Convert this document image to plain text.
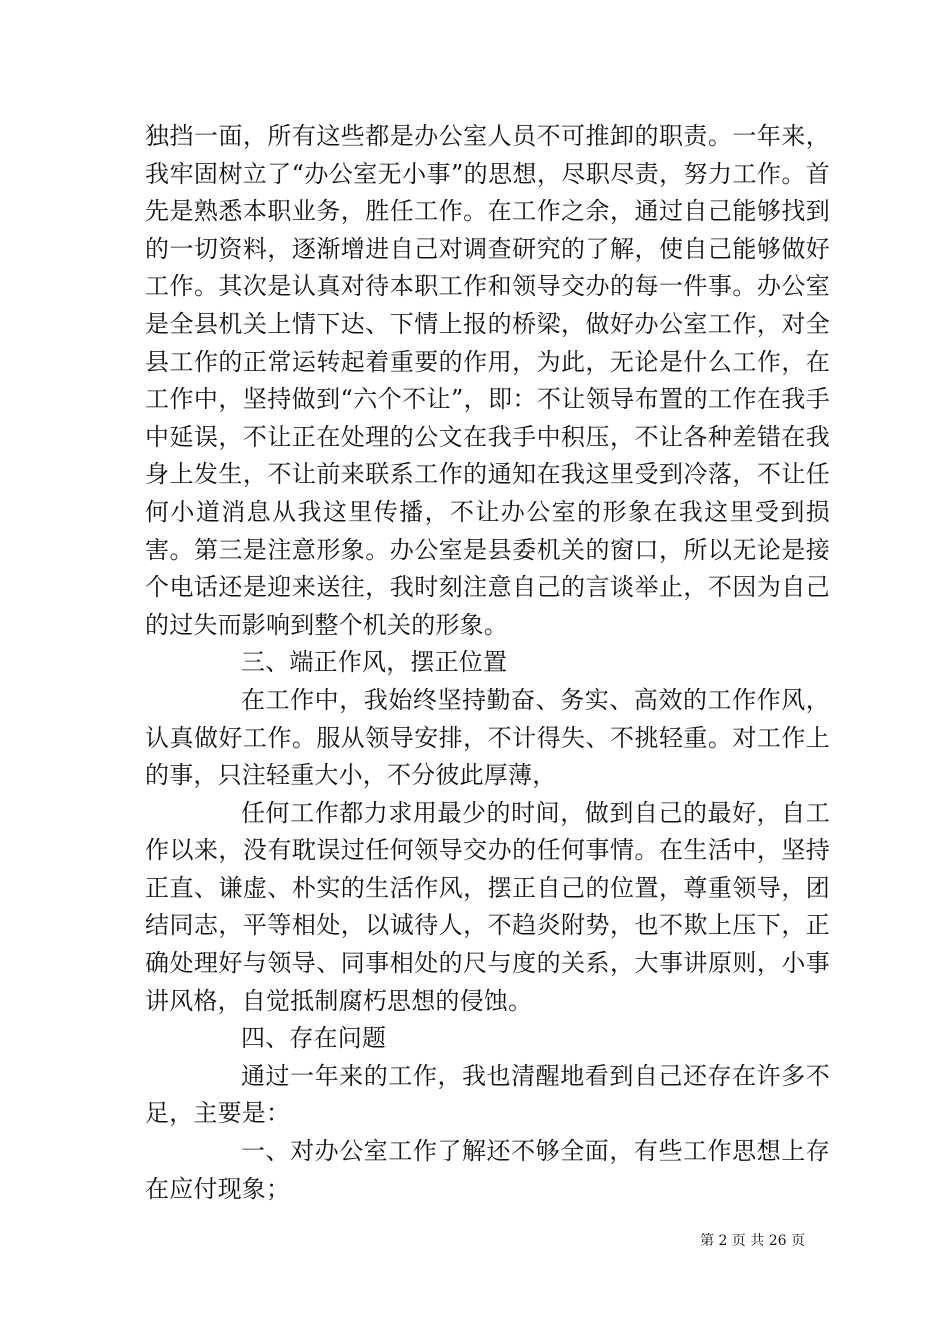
独挡一面，所有这些都是办公室人员不可推卸的职责。一年来，我牢固树立了“办公室无小事”的思想，尽职尽责，努力工作。首先是熟悉本职业务，胜任工作。在工作之余，通过自己能够找到的一切资料，逐渐增进自己对调查研究的了解，使自己能够做好工作。其次是认真对待本职工作和领导交办的每一件事。办公室是全县机关上情下达、下情上报的桥梁，做好办公室工作，对全县工作的正常运转起着重要的作用，为此，无论是什么工作，在工作中，坚持做到“六个不让”，即：不让领导布置的工作在我手中延误，不让正在处理的公文在我手中积压，不让各种差错在我身上发生，不让前来联系工作的通知在我这里受到冷落，不让任何小道消息从我这里传播，不让办公室的形象在我这里受到损害。第三是注意形象。办公室是县委机关的窗口，所以无论是接个电话还是迎来送往，我时刻注意自己的言谈举止，不因为自己的过失而影响到整个机关的形象。

三、端正作风，摆正位置

在工作中，我始终坚持勤奋、务实、高效的工作作风，认真做好工作。服从领导安排，不计得失、不挑轻重。对工作上的事，只注轻重大小，不分彼此厚薄，

任何工作都力求用最少的时间，做到自己的最好，自工作以来，没有耽误过任何领导交办的任何事情。在生活中，坚持正直、谦虚、朴实的生活作风，摆正自己的位置，尊重领导，团结同志，平等相处，以诚待人，不趋炎附势，也不欺上压下，正确处理好与领导、同事相处的尺与度的关系，大事讲原则，小事讲风格，自觉抵制腐朽思想的侵蚀。

四、存在问题

通过一年来的工作，我也清醒地看到自己还存在许多不足，主要是：

一、对办公室工作了解还不够全面，有些工作思想上存在应付现象；

第 2 页 共 26 页
